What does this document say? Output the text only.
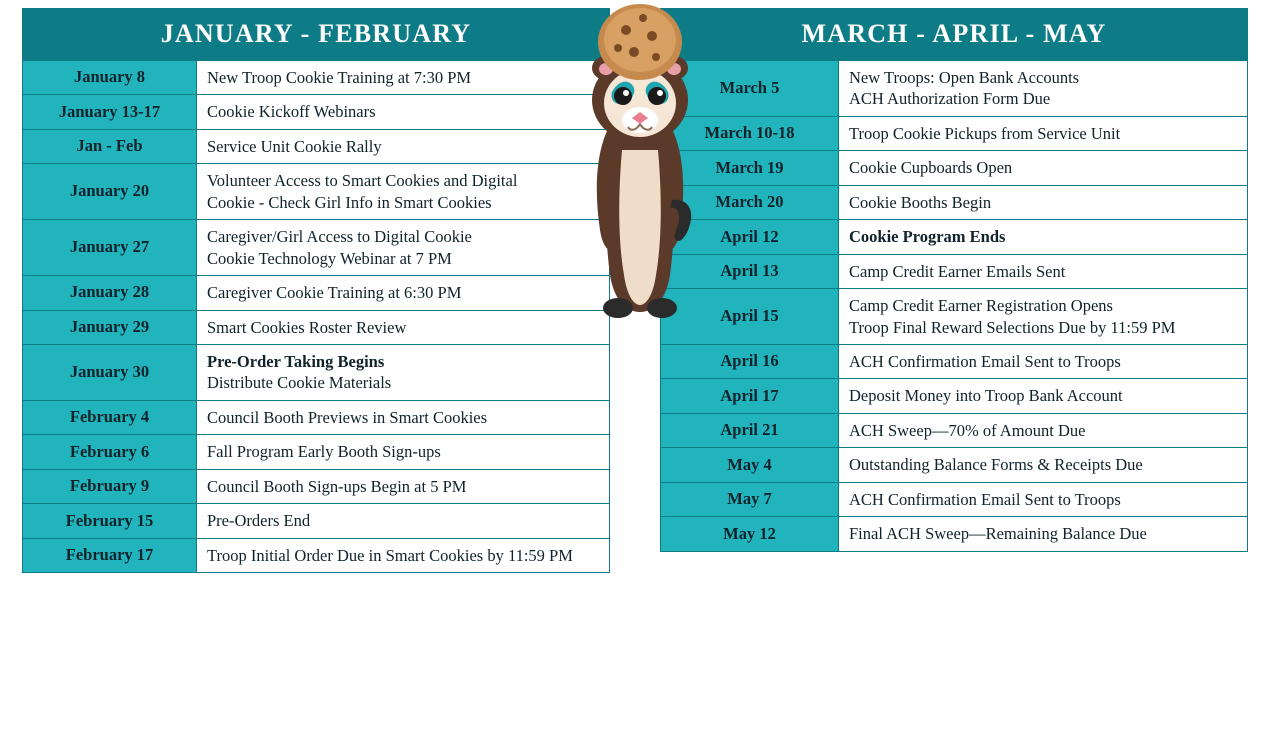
JANUARY - FEBRUARY
January 8	New Troop Cookie Training at 7:30 PM

January 13-17	Cookie Kickoff Webinars

Jan - Feb	Service Unit Cookie Rally

January 20	Volunteer Access to Smart Cookies and Digital
Cookie - Check Girl Info in Smart Cookies

January 27	Caregiver/Girl Access to Digital Cookie
Cookie Technology Webinar at 7 PM

January 28	Caregiver Cookie Training at 6:30 PM

January 29	Smart Cookies Roster Review

January 30	Pre-Order Taking Begins
Distribute Cookie Materials

February 4	Council Booth Previews in Smart Cookies

February 6	Fall Program Early Booth Sign-ups

February 9	Council Booth Sign-ups Begin at 5 PM

February 15	Pre-Orders End

February 17	Troop Initial Order Due in Smart Cookies by 11:59 PM
MARCH - APRIL - MAY
March 5	New Troops: Open Bank Accounts
ACH Authorization Form Due

March 10-18	Troop Cookie Pickups from Service Unit

March 19	Cookie Cupboards Open

March 20	Cookie Booths Begin

April 12	Cookie Program Ends

April 13	Camp Credit Earner Emails Sent

April 15	Camp Credit Earner Registration Opens
Troop Final Reward Selections Due by 11:59 PM

April 16	ACH Confirmation Email Sent to Troops

April 17	Deposit Money into Troop Bank Account

April 21	ACH Sweep—70% of Amount Due

May 4	Outstanding Balance Forms & Receipts Due

May 7	ACH Confirmation Email Sent to Troops

May 12	Final ACH Sweep—Remaining Balance Due
